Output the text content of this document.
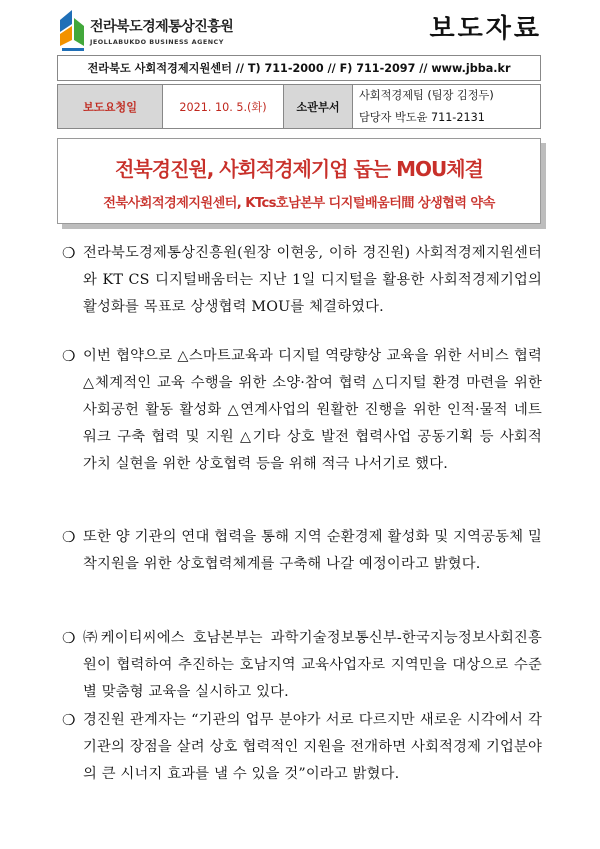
전라북도경제통상진흥원
JEOLLABUKDO BUSINESS AGENCY	보도자료
전라북도 사회적경제지원센터 // T) 711-2000 // F) 711-2097 // www.jbba.kr
보도요청일	2021. 10. 5.(화)	소관부서	사회적경제팀 (팀장 김정두)
담당자 박도윤 711-2131
전북경진원, 사회적경제기업 돕는 MOU체결
전북사회적경제지원센터, KTcs호남본부 디지털배움터間 상생협력 약속
❍ 전라북도경제통상진흥원(원장 이현웅, 이하 경진원) 사회적경제지원센터와 KT CS 디지털배움터는 지난 1일 디지털을 활용한 사회적경제기업의 활성화를 목표로 상생협력 MOU를 체결하였다.
❍ 이번 협약으로 △스마트교육과 디지털 역량향상 교육을 위한 서비스 협력 △체계적인 교육 수행을 위한 소양·참여 협력 △디지털 환경 마련을 위한 사회공헌 활동 활성화 △연계사업의 원활한 진행을 위한 인적·물적 네트워크 구축 협력 및 지원 △기타 상호 발전 협력사업 공동기획 등 사회적 가치 실현을 위한 상호협력 등을 위해 적극 나서기로 했다.
❍ 또한 양 기관의 연대 협력을 통해 지역 순환경제 활성화 및 지역공동체 밀착지원을 위한 상호협력체계를 구축해 나갈 예정이라고 밝혔다.
❍ ㈜케이티씨에스 호남본부는 과학기술정보통신부-한국지능정보사회진흥원이 협력하여 추진하는 호남지역 교육사업자로 지역민을 대상으로 수준별 맞춤형 교육을 실시하고 있다.
❍ 경진원 관계자는 “기관의 업무 분야가 서로 다르지만 새로운 시각에서 각 기관의 장점을 살려 상호 협력적인 지원을 전개하면 사회적경제 기업분야의 큰 시너지 효과를 낼 수 있을 것”이라고 밝혔다.
